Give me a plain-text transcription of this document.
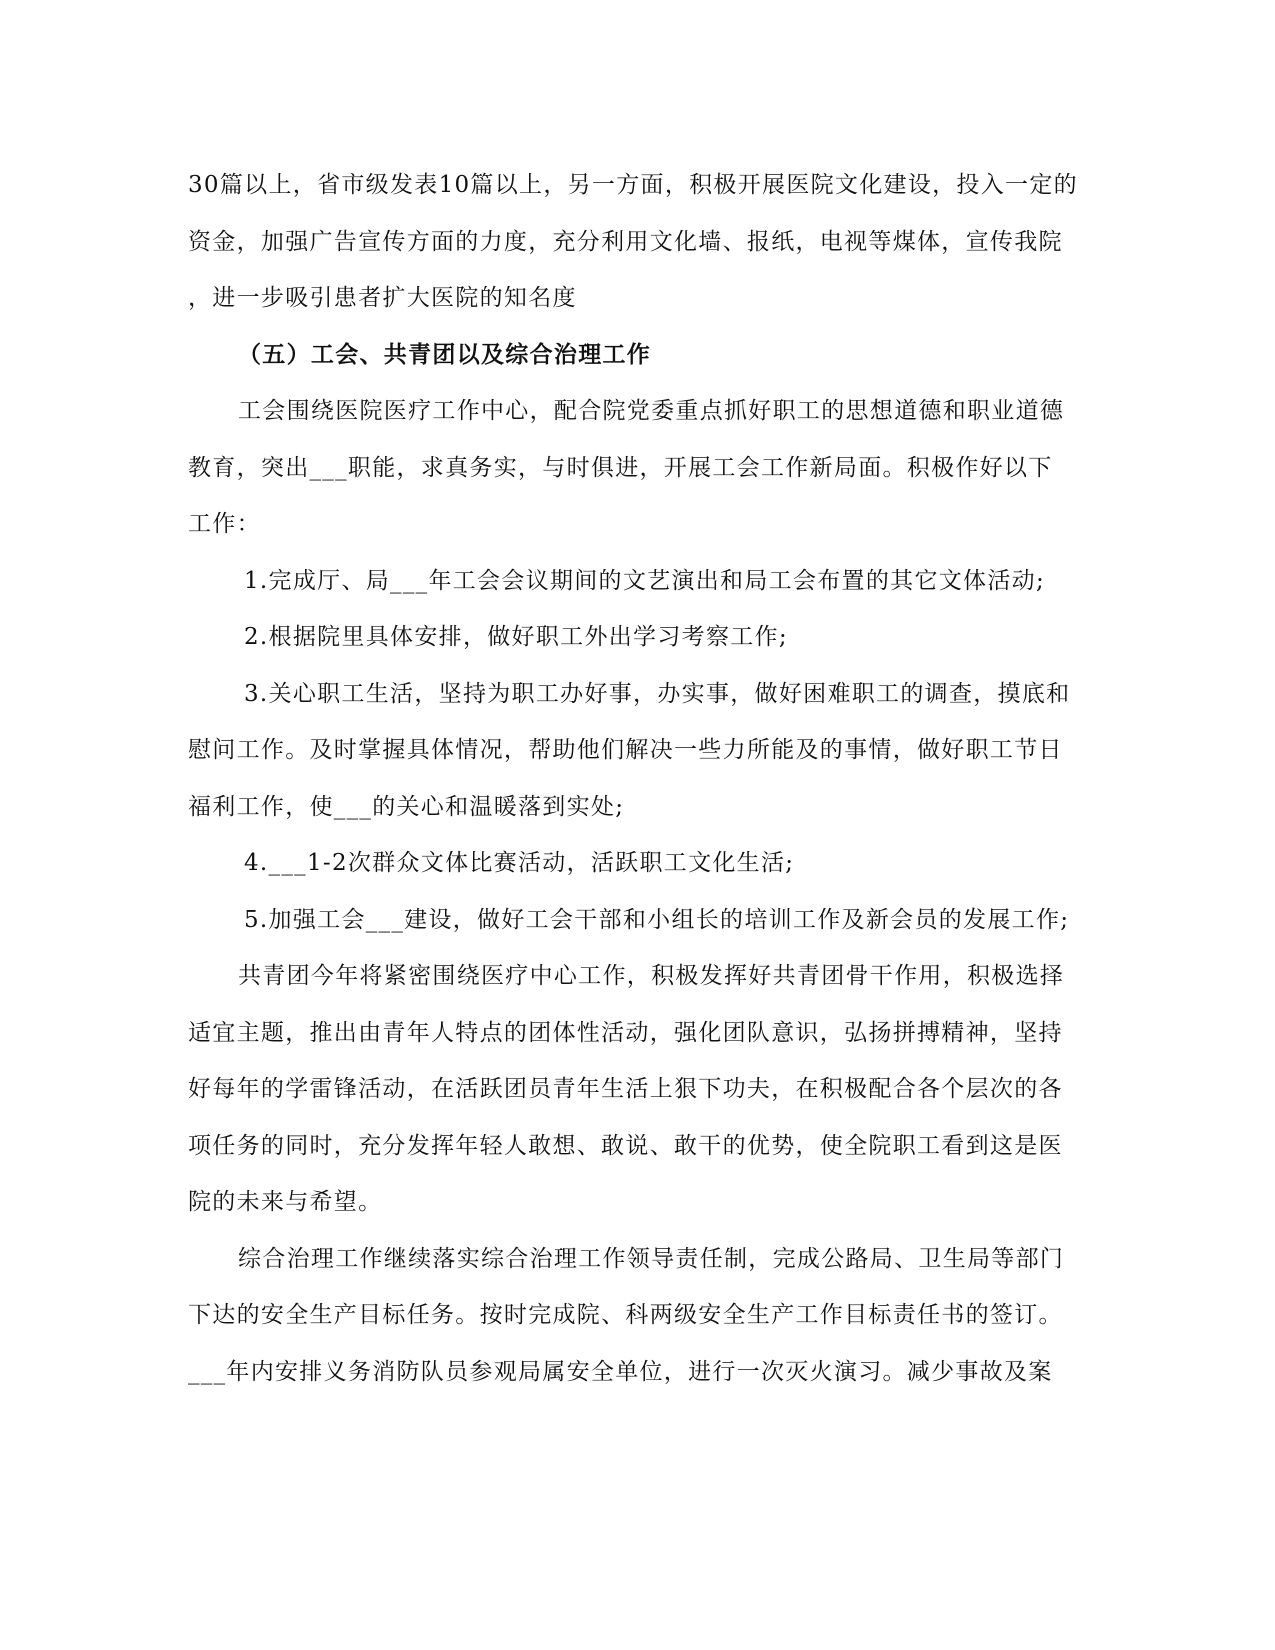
30篇以上，省市级发表10篇以上，另一方面，积极开展医院文化建设，投入一定的
资金，加强广告宣传方面的力度，充分利用文化墙、报纸，电视等煤体，宣传我院
，进一步吸引患者扩大医院的知名度
（五）工会、共青团以及综合治理工作
工会围绕医院医疗工作中心，配合院党委重点抓好职工的思想道德和职业道德
教育，突出___职能，求真务实，与时俱进，开展工会工作新局面。积极作好以下
工作：
1.完成厅、局___年工会会议期间的文艺演出和局工会布置的其它文体活动;
2.根据院里具体安排，做好职工外出学习考察工作;
3.关心职工生活，坚持为职工办好事，办实事，做好困难职工的调查，摸底和
慰问工作。及时掌握具体情况，帮助他们解决一些力所能及的事情，做好职工节日
福利工作，使___的关心和温暖落到实处;
4.___1-2次群众文体比赛活动，活跃职工文化生活;
5.加强工会___建设，做好工会干部和小组长的培训工作及新会员的发展工作;
共青团今年将紧密围绕医疗中心工作，积极发挥好共青团骨干作用，积极选择
适宜主题，推出由青年人特点的团体性活动，强化团队意识，弘扬拼搏精神，坚持
好每年的学雷锋活动，在活跃团员青年生活上狠下功夫，在积极配合各个层次的各
项任务的同时，充分发挥年轻人敢想、敢说、敢干的优势，使全院职工看到这是医
院的未来与希望。
综合治理工作继续落实综合治理工作领导责任制，完成公路局、卫生局等部门
下达的安全生产目标任务。按时完成院、科两级安全生产工作目标责任书的签订。
___年内安排义务消防队员参观局属安全单位，进行一次灭火演习。减少事故及案
